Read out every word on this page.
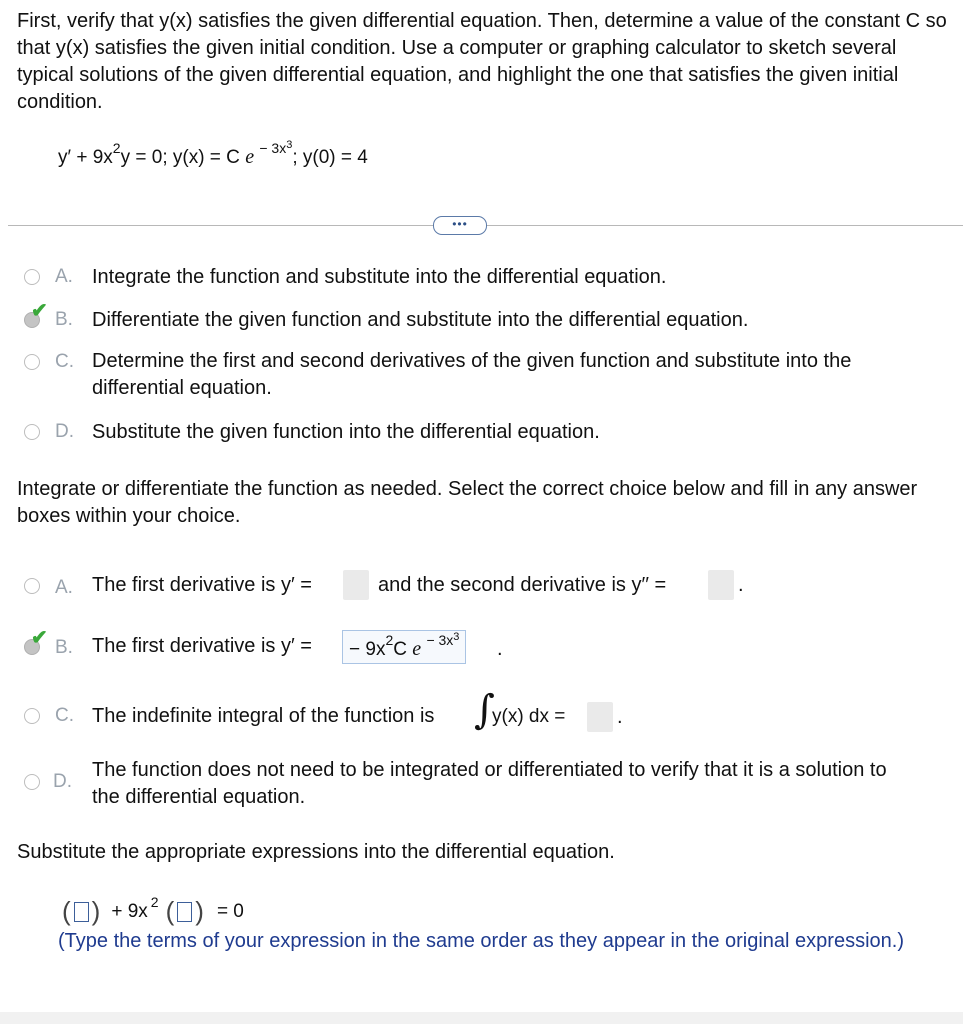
First, verify that y(x) satisfies the given differential equation. Then, determine a value of the constant C so that y(x) satisfies the given initial condition. Use a computer or graphing calculator to sketch several typical solutions of the given differential equation, and highlight the one that satisfies the given initial condition.

$y' + 9x^2y = 0$; y(x) = C e $^{- 3x^3}$; y(0) = 4
•••
A. Integrate the function and substitute into the differential equation.
✔ B. Differentiate the given function and substitute into the differential equation.
C. Determine the first and second derivatives of the given function and substitute into the differential equation.
D. Substitute the given function into the differential equation.
Integrate or differentiate the function as needed. Select the correct choice below and fill in any answer boxes within your choice.
A. The first derivative is y′ =	and the second derivative is y′′ =	.
✔ B. The first derivative is y′ =	− $9x^2C$ e $^{- 3x^3}$
.
C. The indefinite integral of the function is ∫
y(x) dx =	.
D.
The function does not need to be integrated or differentiated to verify that it is a solution to the differential equation.
Substitute the appropriate expressions into the differential equation.
( ) + 9x 2 ( ) = 0
(Type the terms of your expression in the same order as they appear in the original expression.)
